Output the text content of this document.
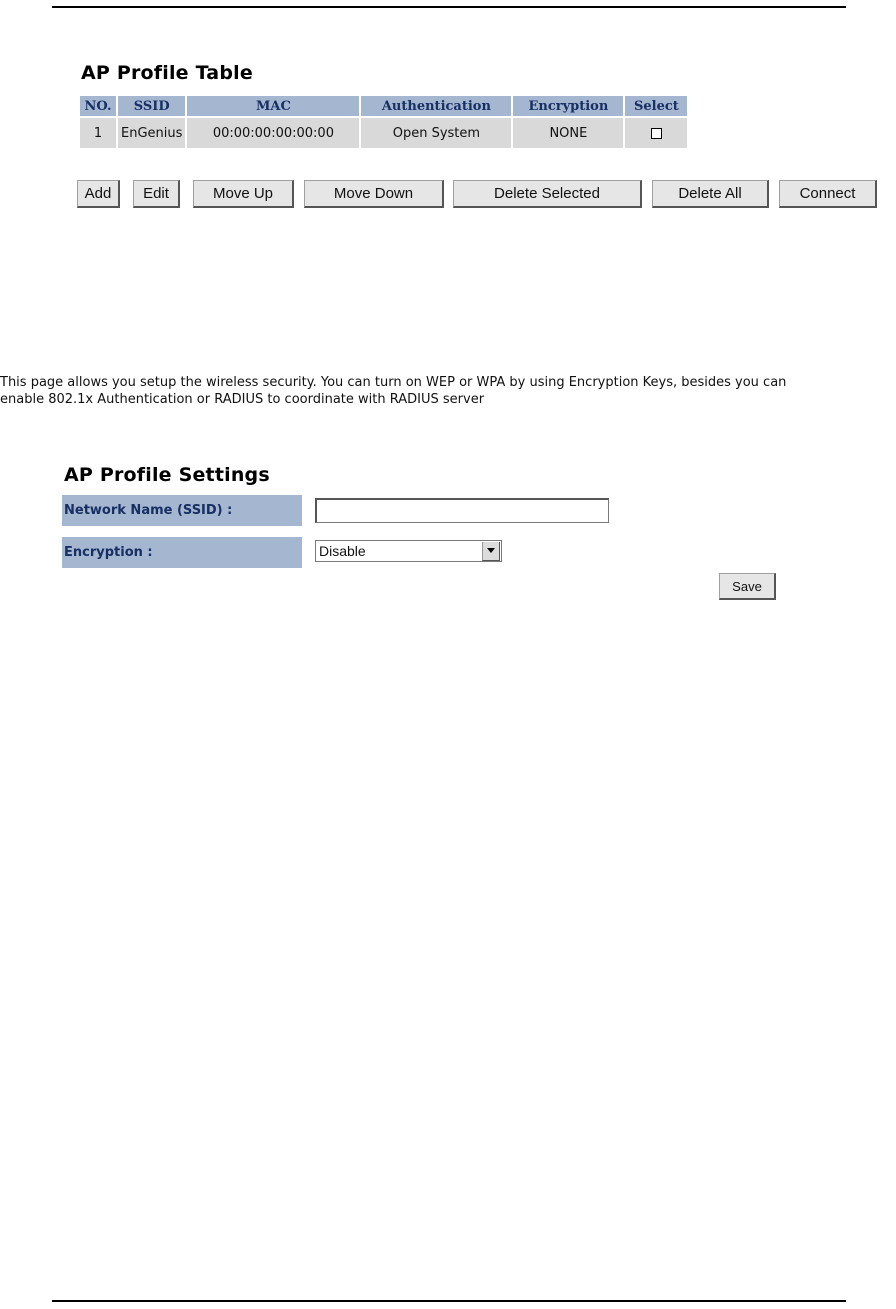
AP Profile Table
NO.	SSID	MAC	Authentication	Encryption	Select
1	EnGenius	00:00:00:00:00:00	Open System	NONE	
Add	Edit	Move Up	Move Down	Delete Selected	Delete All	Connect

This page allows you setup the wireless security. You can turn on WEP or WPA by using Encryption Keys, besides you can enable 802.1x Authentication or RADIUS to coordinate with RADIUS server

AP Profile Settings
Network Name (SSID) :
Encryption :	Disable
Save
